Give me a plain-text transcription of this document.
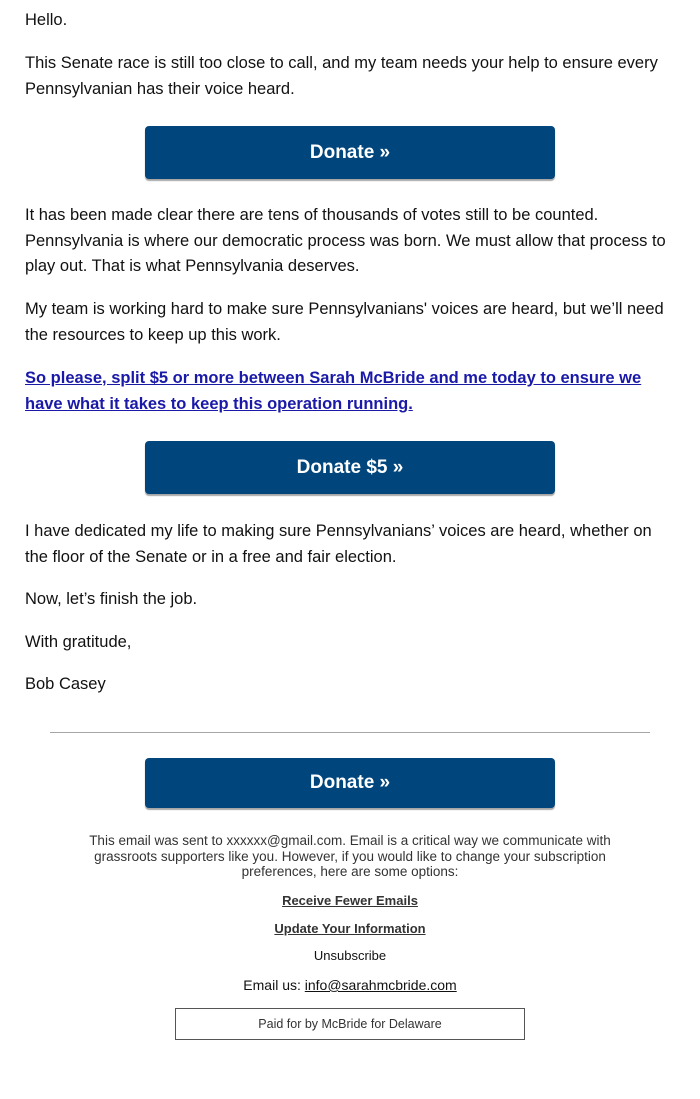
Hello.

This Senate race is still too close to call, and my team needs your help to ensure every Pennsylvanian has their voice heard.

It has been made clear there are tens of thousands of votes still to be counted. Pennsylvania is where our democratic process was born. We must allow that process to play out. That is what Pennsylvania deserves.

My team is working hard to make sure Pennsylvanians' voices are heard, but we’ll need the resources to keep up this work.

So please, split $5 or more between Sarah McBride and me today to ensure we have what it takes to keep this operation running.

I have dedicated my life to making sure Pennsylvanians’ voices are heard, whether on the floor of the Senate or in a free and fair election.

Now, let’s finish the job.

With gratitude,

Bob Casey

Donate »
Donate $5 »
Donate »
This email was sent to xxxxxx@gmail.com. Email is a critical way we communicate with grassroots supporters like you. However, if you would like to change your subscription preferences, here are some options:
Receive Fewer Emails
Update Your Information
Unsubscribe
Email us: info@sarahmcbride.com
Paid for by McBride for Delaware
